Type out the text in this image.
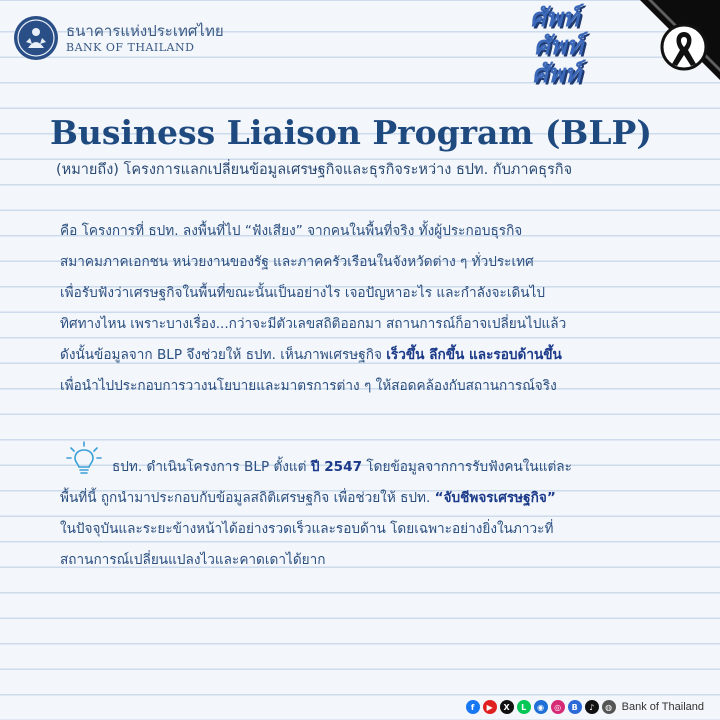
ธนาคารแห่งประเทศไทย
BANK OF THAILAND
ศัพท์
ศัพท์
ศัพท์
Business Liaison Program (BLP)
(หมายถึง) โครงการแลกเปลี่ยนข้อมูลเศรษฐกิจและธุรกิจระหว่าง ธปท. กับภาคธุรกิจ
คือ โครงการที่ ธปท. ลงพื้นที่ไป “ฟังเสียง” จากคนในพื้นที่จริง ทั้งผู้ประกอบธุรกิจ
สมาคมภาคเอกชน หน่วยงานของรัฐ และภาคครัวเรือนในจังหวัดต่าง ๆ ทั่วประเทศ
เพื่อรับฟังว่าเศรษฐกิจในพื้นที่ขณะนั้นเป็นอย่างไร เจอปัญหาอะไร และกำลังจะเดินไป
ทิศทางไหน เพราะบางเรื่อง...กว่าจะมีตัวเลขสถิติออกมา สถานการณ์ก็อาจเปลี่ยนไปแล้ว
ดังนั้นข้อมูลจาก BLP จึงช่วยให้ ธปท. เห็นภาพเศรษฐกิจ เร็วขึ้น ลึกขึ้น และรอบด้านขึ้น
เพื่อนำไปประกอบการวางนโยบายและมาตรการต่าง ๆ ให้สอดคล้องกับสถานการณ์จริง
ธปท. ดำเนินโครงการ BLP ตั้งแต่ ปี 2547 โดยข้อมูลจากการรับฟังคนในแต่ละ
พื้นที่นี้ ถูกนำมาประกอบกับข้อมูลสถิติเศรษฐกิจ เพื่อช่วยให้ ธปท. “จับชีพจรเศรษฐกิจ”
ในปัจจุบันและระยะข้างหน้าได้อย่างรวดเร็วและรอบด้าน โดยเฉพาะอย่างยิ่งในภาวะที่
สถานการณ์เปลี่ยนแปลงไวและคาดเดาได้ยาก
f	▶	X	L	◉	◎	B	♪	◍ Bank of Thailand
